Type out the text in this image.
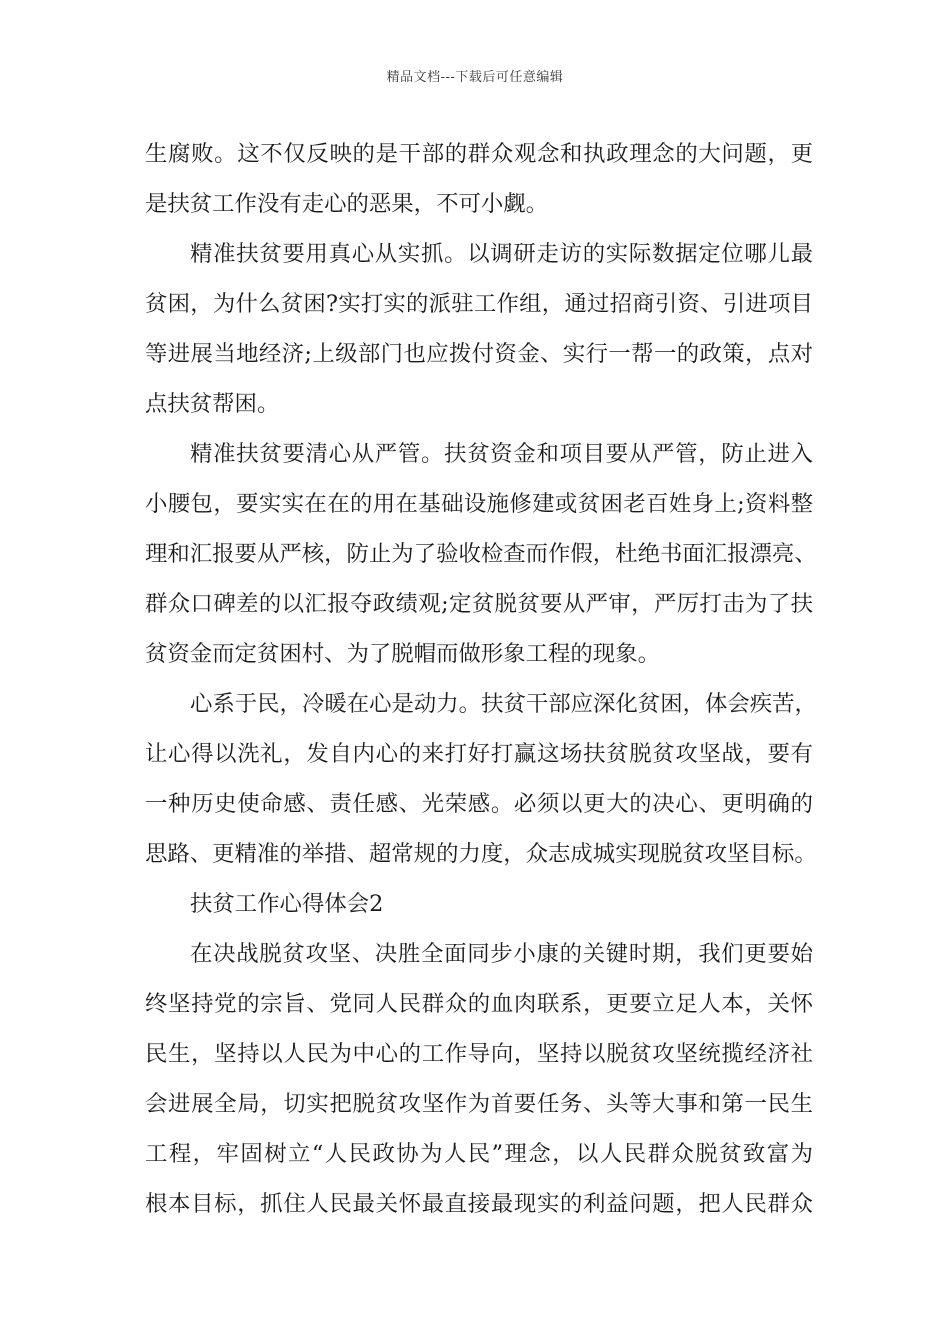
精品文档---下载后可任意编辑
生腐败。这不仅反映的是干部的群众观念和执政理念的大问题，更
是扶贫工作没有走心的恶果，不可小觑。
精准扶贫要用真心从实抓。以调研走访的实际数据定位哪儿最
贫困，为什么贫困?实打实的派驻工作组，通过招商引资、引进项目
等进展当地经济;上级部门也应拨付资金、实行一帮一的政策，点对
点扶贫帮困。
精准扶贫要清心从严管。扶贫资金和项目要从严管，防止进入
小腰包，要实实在在的用在基础设施修建或贫困老百姓身上;资料整
理和汇报要从严核，防止为了验收检查而作假，杜绝书面汇报漂亮、
群众口碑差的以汇报夺政绩观;定贫脱贫要从严审，严厉打击为了扶
贫资金而定贫困村、为了脱帽而做形象工程的现象。
心系于民，冷暖在心是动力。扶贫干部应深化贫困，体会疾苦，
让心得以洗礼，发自内心的来打好打赢这场扶贫脱贫攻坚战，要有
一种历史使命感、责任感、光荣感。必须以更大的决心、更明确的
思路、更精准的举措、超常规的力度，众志成城实现脱贫攻坚目标。
扶贫工作心得体会2
在决战脱贫攻坚、决胜全面同步小康的关键时期，我们更要始
终坚持党的宗旨、党同人民群众的血肉联系，更要立足人本，关怀
民生，坚持以人民为中心的工作导向，坚持以脱贫攻坚统揽经济社
会进展全局，切实把脱贫攻坚作为首要任务、头等大事和第一民生
工程，牢固树立“人民政协为人民”理念，以人民群众脱贫致富为
根本目标，抓住人民最关怀最直接最现实的利益问题，把人民群众
